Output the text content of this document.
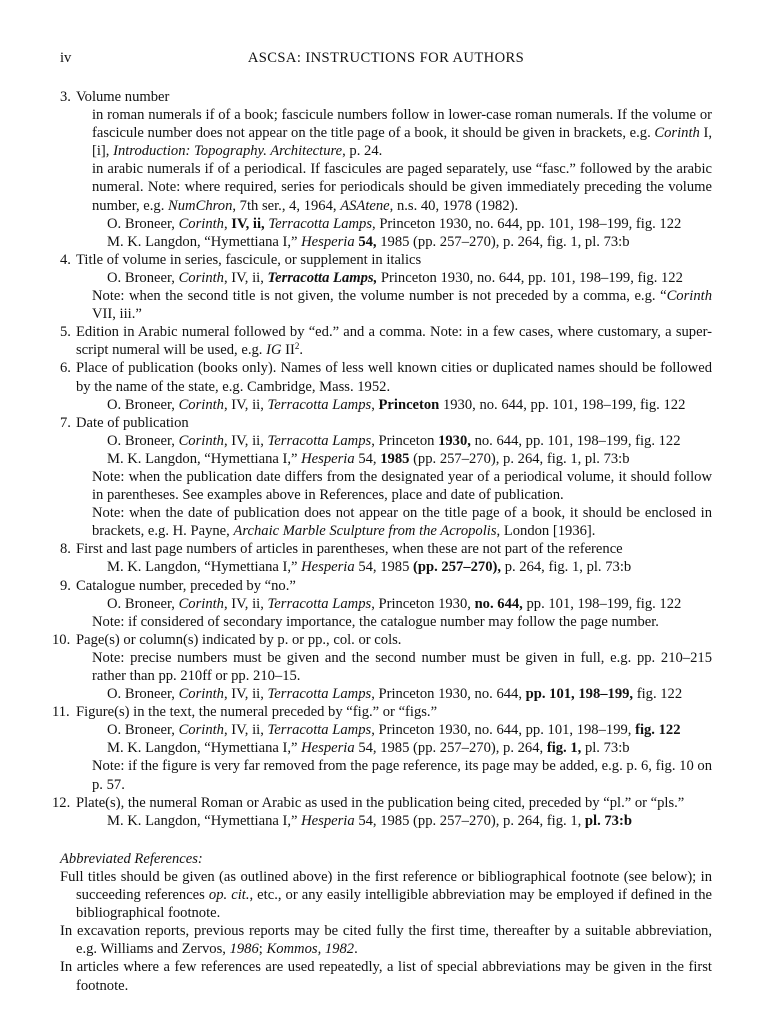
iv	ASCSA: INSTRUCTIONS FOR AUTHORS
3. Volume number
in roman numerals if of a book; fascicule numbers follow in lower-case roman numerals. If the volume or fascicule number does not appear on the title page of a book, it should be given in brackets, e.g. Corinth I, [i], Introduction: Topography. Architecture, p. 24.
in arabic numerals if of a periodical. If fascicules are paged separately, use “fasc.” followed by the arabic numeral. Note: where required, series for periodicals should be given immediately preceding the volume number, e.g. NumChron, 7th ser., 4, 1964, ASAtene, n.s. 40, 1978 (1982).
O. Broneer, Corinth, IV, ii, Terracotta Lamps, Princeton 1930, no. 644, pp. 101, 198–199, fig. 122
M. K. Langdon, “Hymettiana I,” Hesperia 54, 1985 (pp. 257–270), p. 264, fig. 1, pl. 73:b
4. Title of volume in series, fascicule, or supplement in italics
O. Broneer, Corinth, IV, ii, Terracotta Lamps, Princeton 1930, no. 644, pp. 101, 198–199, fig. 122
Note: when the second title is not given, the volume number is not preceded by a comma, e.g. “Corinth VII, iii.”
5. Edition in Arabic numeral followed by “ed.” and a comma. Note: in a few cases, where customary, a super-script numeral will be used, e.g. IG $II^2$.
6. Place of publication (books only). Names of less well known cities or duplicated names should be followed by the name of the state, e.g. Cambridge, Mass. 1952.
O. Broneer, Corinth, IV, ii, Terracotta Lamps, Princeton 1930, no. 644, pp. 101, 198–199, fig. 122
7. Date of publication
O. Broneer, Corinth, IV, ii, Terracotta Lamps, Princeton 1930, no. 644, pp. 101, 198–199, fig. 122
M. K. Langdon, “Hymettiana I,” Hesperia 54, 1985 (pp. 257–270), p. 264, fig. 1, pl. 73:b
Note: when the publication date differs from the designated year of a periodical volume, it should follow in parentheses. See examples above in References, place and date of publication.
Note: when the date of publication does not appear on the title page of a book, it should be enclosed in brackets, e.g. H. Payne, Archaic Marble Sculpture from the Acropolis, London [1936].
8. First and last page numbers of articles in parentheses, when these are not part of the reference
M. K. Langdon, “Hymettiana I,” Hesperia 54, 1985 (pp. 257–270), p. 264, fig. 1, pl. 73:b
9. Catalogue number, preceded by “no.”
O. Broneer, Corinth, IV, ii, Terracotta Lamps, Princeton 1930, no. 644, pp. 101, 198–199, fig. 122
Note: if considered of secondary importance, the catalogue number may follow the page number.
10. Page(s) or column(s) indicated by p. or pp., col. or cols.
Note: precise numbers must be given and the second number must be given in full, e.g. pp. 210–215 rather than pp. 210ff or pp. 210–15.
O. Broneer, Corinth, IV, ii, Terracotta Lamps, Princeton 1930, no. 644, pp. 101, 198–199, fig. 122
11. Figure(s) in the text, the numeral preceded by “fig.” or “figs.”
O. Broneer, Corinth, IV, ii, Terracotta Lamps, Princeton 1930, no. 644, pp. 101, 198–199, fig. 122
M. K. Langdon, “Hymettiana I,” Hesperia 54, 1985 (pp. 257–270), p. 264, fig. 1, pl. 73:b
Note: if the figure is very far removed from the page reference, its page may be added, e.g. p. 6, fig. 10 on p. 57.
12. Plate(s), the numeral Roman or Arabic as used in the publication being cited, preceded by “pl.” or “pls.”
M. K. Langdon, “Hymettiana I,” Hesperia 54, 1985 (pp. 257–270), p. 264, fig. 1, pl. 73:b
Abbreviated References:
Full titles should be given (as outlined above) in the first reference or bibliographical footnote (see below); in succeeding references op. cit., etc., or any easily intelligible abbreviation may be employed if defined in the bibliographical footnote.
In excavation reports, previous reports may be cited fully the first time, thereafter by a suitable abbreviation, e.g. Williams and Zervos, 1986; Kommos, 1982.
In articles where a few references are used repeatedly, a list of special abbreviations may be given in the first footnote.
